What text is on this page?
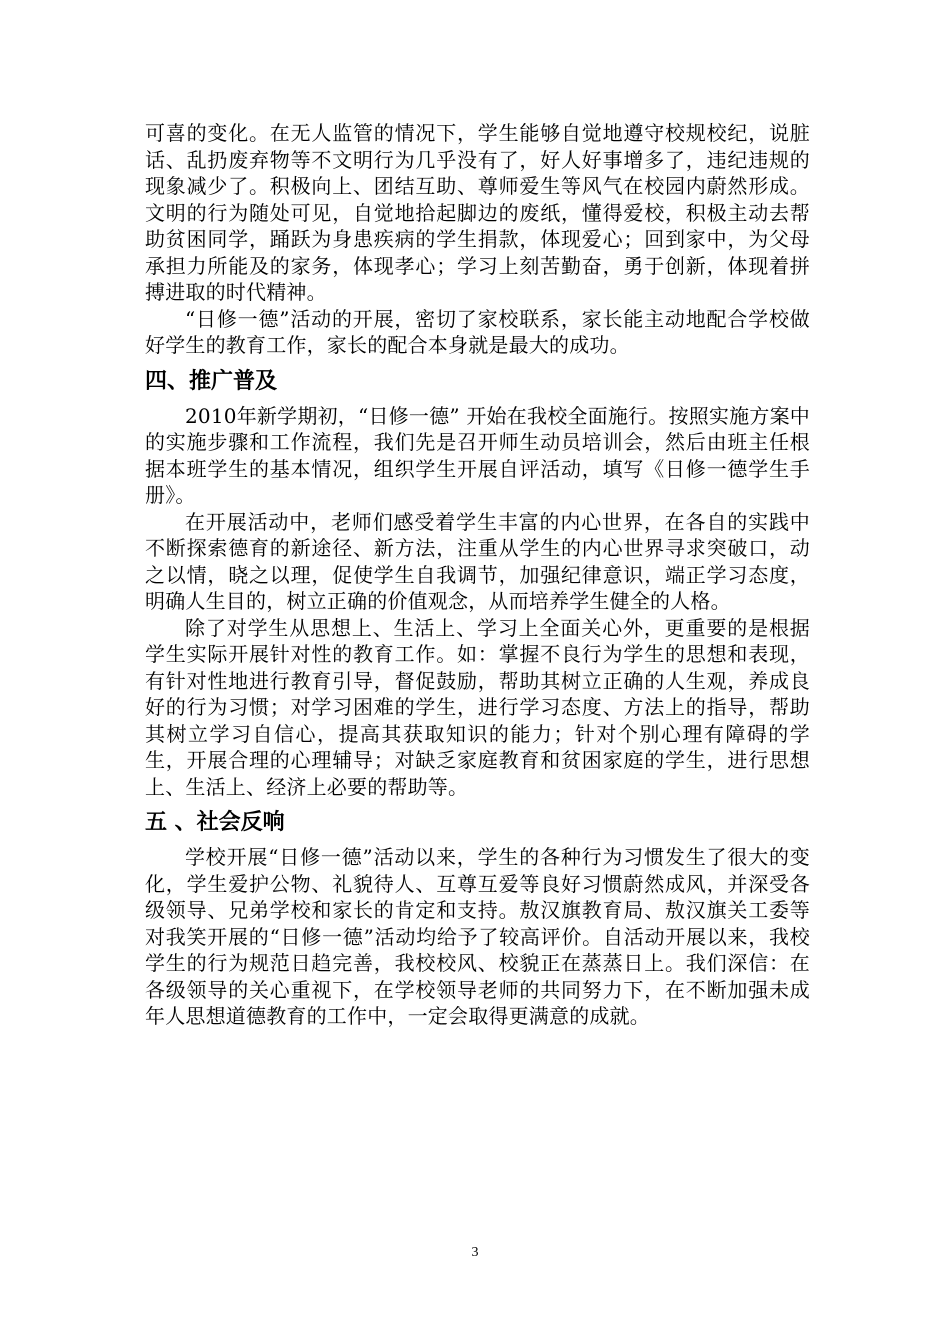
可喜的变化。在无人监管的情况下，学生能够自觉地遵守校规校纪，说脏话、乱扔废弃物等不文明行为几乎没有了，好人好事增多了，违纪违规的现象减少了。积极向上、团结互助、尊师爱生等风气在校园内蔚然形成。文明的行为随处可见，自觉地拾起脚边的废纸，懂得爱校，积极主动去帮助贫困同学，踊跃为身患疾病的学生捐款，体现爱心；回到家中，为父母承担力所能及的家务，体现孝心；学习上刻苦勤奋，勇于创新，体现着拼搏进取的时代精神。

“日修一德”活动的开展，密切了家校联系，家长能主动地配合学校做好学生的教育工作，家长的配合本身就是最大的成功。

四、推广普及

2010年新学期初，“日修一德” 开始在我校全面施行。按照实施方案中的实施步骤和工作流程，我们先是召开师生动员培训会，然后由班主任根据本班学生的基本情况，组织学生开展自评活动，填写《日修一德学生手册》。

在开展活动中，老师们感受着学生丰富的内心世界，在各自的实践中不断探索德育的新途径、新方法，注重从学生的内心世界寻求突破口，动之以情，晓之以理，促使学生自我调节，加强纪律意识，端正学习态度，明确人生目的，树立正确的价值观念，从而培养学生健全的人格。

除了对学生从思想上、生活上、学习上全面关心外，更重要的是根据学生实际开展针对性的教育工作。如：掌握不良行为学生的思想和表现，有针对性地进行教育引导，督促鼓励，帮助其树立正确的人生观，养成良好的行为习惯；对学习困难的学生，进行学习态度、方法上的指导，帮助其树立学习自信心，提高其获取知识的能力；针对个别心理有障碍的学生，开展合理的心理辅导；对缺乏家庭教育和贫困家庭的学生，进行思想上、生活上、经济上必要的帮助等。

五 、社会反响

学校开展“日修一德”活动以来，学生的各种行为习惯发生了很大的变化，学生爱护公物、礼貌待人、互尊互爱等良好习惯蔚然成风，并深受各级领导、兄弟学校和家长的肯定和支持。敖汉旗教育局、敖汉旗关工委等对我笑开展的“日修一德”活动均给予了较高评价。自活动开展以来，我校学生的行为规范日趋完善，我校校风、校貌正在蒸蒸日上。我们深信：在各级领导的关心重视下，在学校领导老师的共同努力下，在不断加强未成年人思想道德教育的工作中，一定会取得更满意的成就。

3
